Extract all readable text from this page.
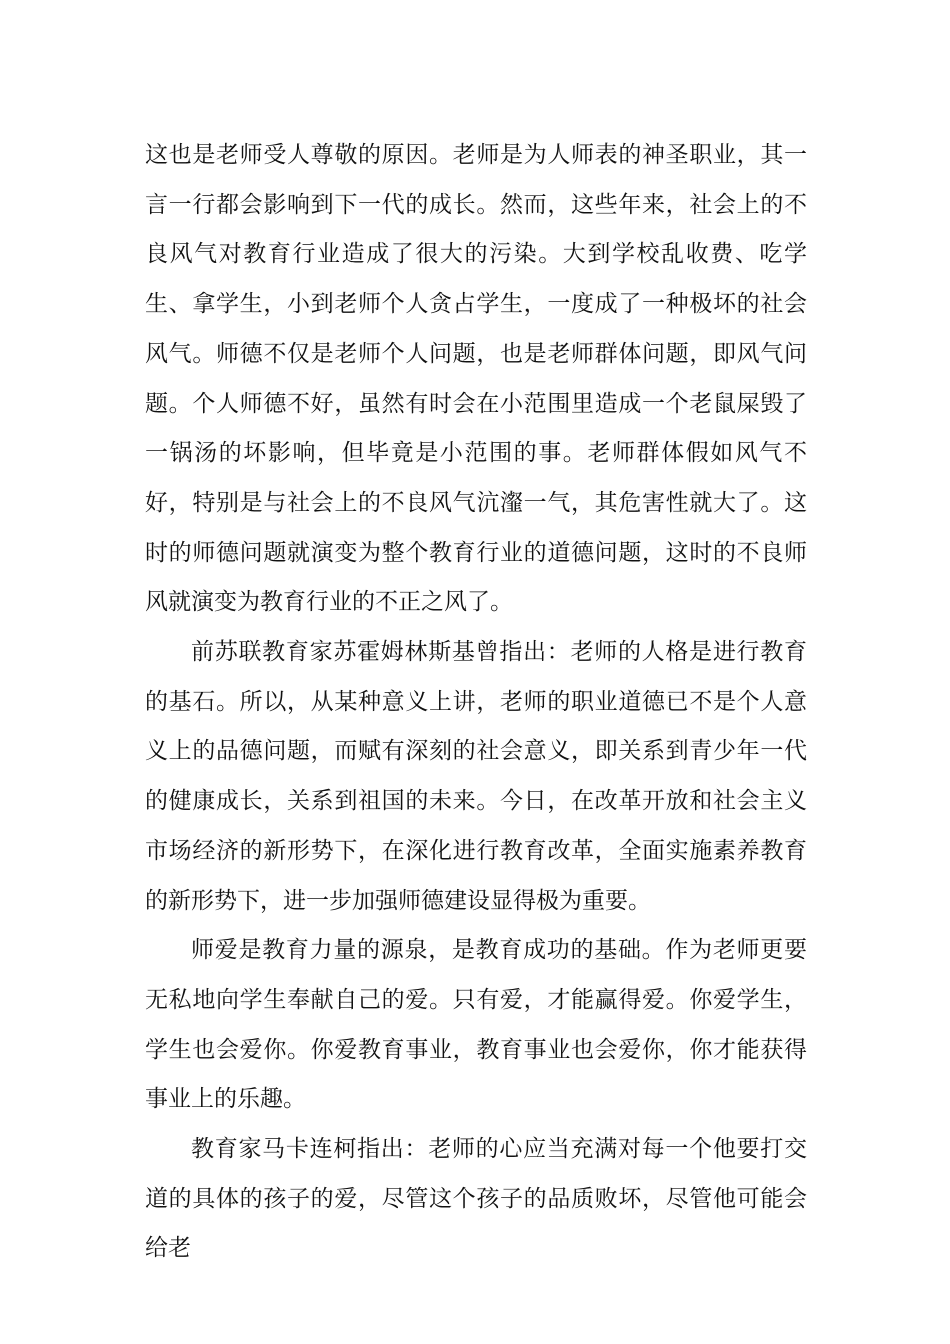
这也是老师受人尊敬的原因。老师是为人师表的神圣职业，其一言一行都会影响到下一代的成长。然而，这些年来，社会上的不良风气对教育行业造成了很大的污染。大到学校乱收费、吃学生、拿学生，小到老师个人贪占学生，一度成了一种极坏的社会风气。师德不仅是老师个人问题，也是老师群体问题，即风气问题。个人师德不好，虽然有时会在小范围里造成一个老鼠屎毁了一锅汤的坏影响，但毕竟是小范围的事。老师群体假如风气不好，特别是与社会上的不良风气沆瀣一气，其危害性就大了。这时的师德问题就演变为整个教育行业的道德问题，这时的不良师风就演变为教育行业的不正之风了。

前苏联教育家苏霍姆林斯基曾指出：老师的人格是进行教育的基石。所以，从某种意义上讲，老师的职业道德已不是个人意义上的品德问题，而赋有深刻的社会意义，即关系到青少年一代的健康成长，关系到祖国的未来。今日，在改革开放和社会主义市场经济的新形势下，在深化进行教育改革，全面实施素养教育的新形势下，进一步加强师德建设显得极为重要。

师爱是教育力量的源泉，是教育成功的基础。作为老师更要无私地向学生奉献自己的爱。只有爱，才能赢得爱。你爱学生，学生也会爱你。你爱教育事业，教育事业也会爱你，你才能获得事业上的乐趣。

教育家马卡连柯指出：老师的心应当充满对每一个他要打交道的具体的孩子的爱，尽管这个孩子的品质败坏，尽管他可能会给老
